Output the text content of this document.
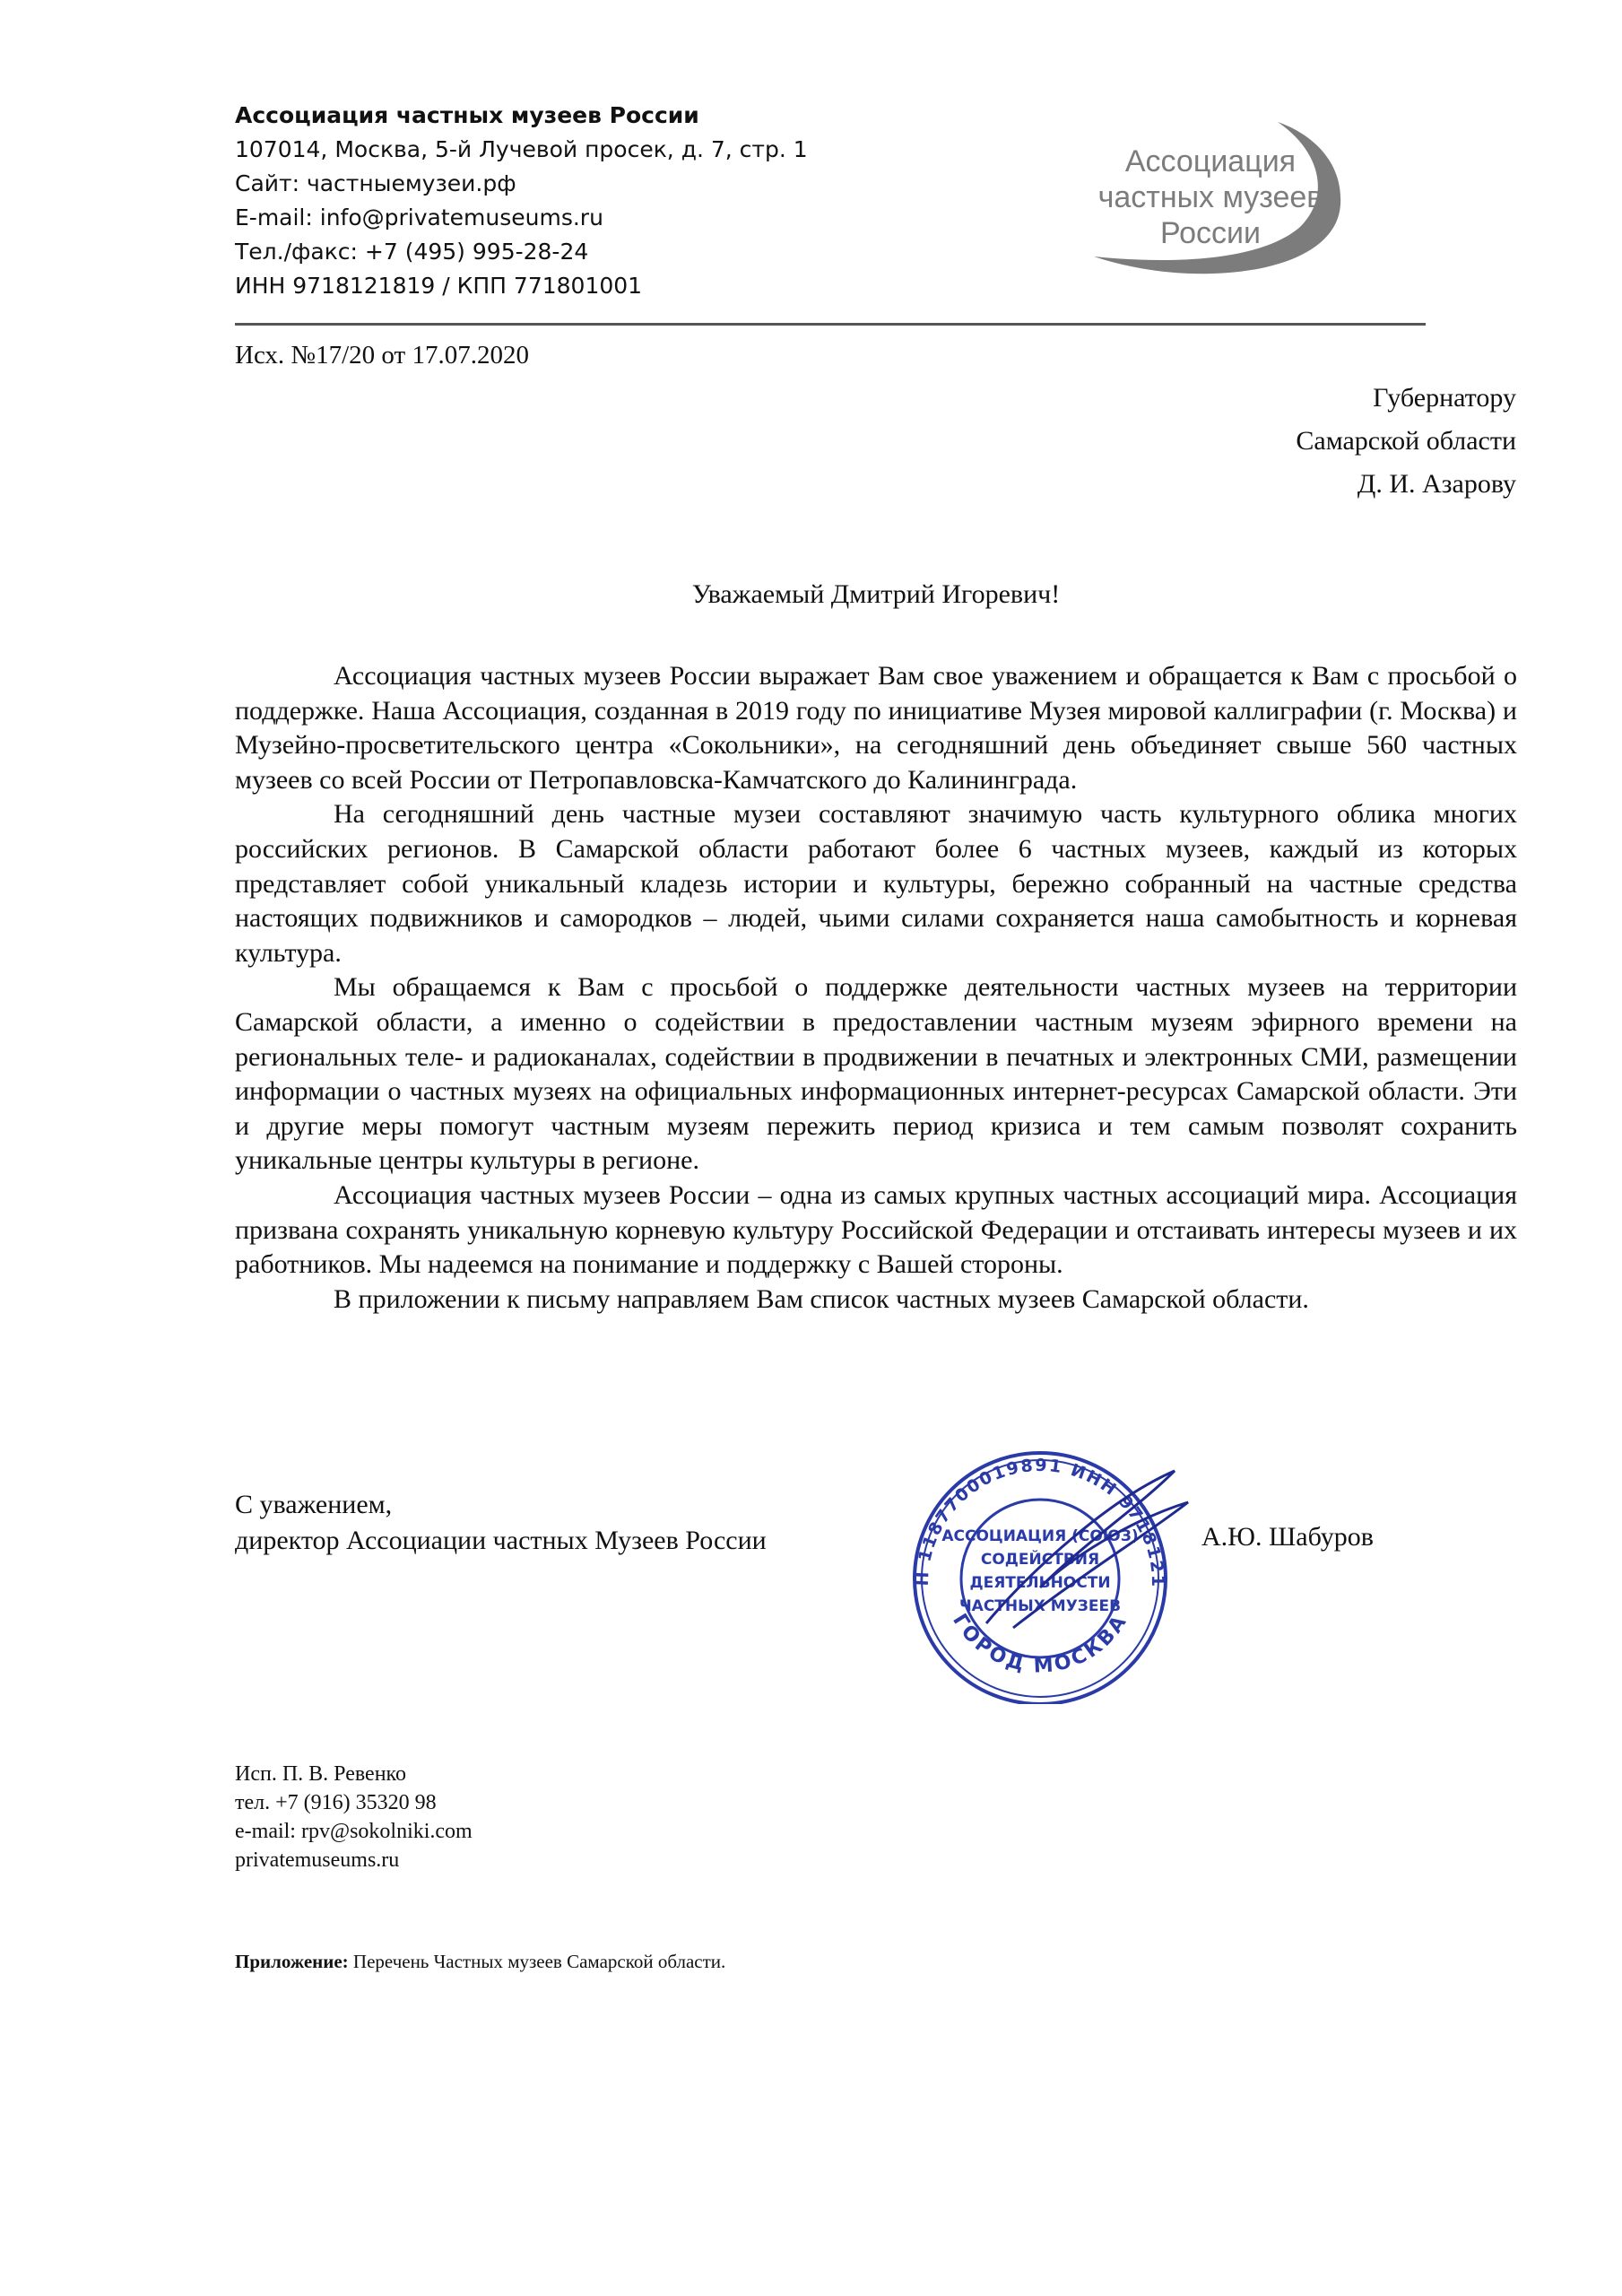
Ассоциация частных музеев России
107014, Москва, 5-й Лучевой просек, д. 7, стр. 1
Сайт: частныемузеи.рф
E-mail: info@privatemuseums.ru
Тел./факс: +7 (495) 995-28-24
ИНН 9718121819 / КПП 771801001
Ассоциация
частных музеев
России
Исх. №17/20 от 17.07.2020
Губернатору
Самарской области
Д. И. Азарову
Уважаемый Дмитрий Игоревич!

Ассоциация частных музеев России выражает Вам свое уважением и обращается к Вам с просьбой о поддержке. Наша Ассоциация, созданная в 2019 году по инициативе Музея мировой каллиграфии (г. Москва) и Музейно-просветительского центра «Сокольники», на сегодняшний день объединяет свыше 560 частных музеев со всей России от Петропавловска-Камчатского до Калининграда.

На сегодняшний день частные музеи составляют значимую часть культурного облика многих российских регионов. В Самарской области работают более 6 частных музеев, каждый из которых представляет собой уникальный кладезь истории и культуры, бережно собранный на частные средства настоящих подвижников и самородков – людей, чьими силами сохраняется наша самобытность и корневая культура.

Мы обращаемся к Вам с просьбой о поддержке деятельности частных музеев на территории Самарской области, а именно о содействии в предоставлении частным музеям эфирного времени на региональных теле- и радиоканалах, содействии в продвижении в печатных и электронных СМИ, размещении информации о частных музеях на официальных информационных интернет-ресурсах Самарской области. Эти и другие меры помогут частным музеям пережить период кризиса и тем самым позволят сохранить уникальные центры культуры в регионе.

Ассоциация частных музеев России – одна из самых крупных частных ассоциаций мира. Ассоциация призвана сохранять уникальную корневую культуру Российской Федерации и отстаивать интересы музеев и их работников. Мы надеемся на понимание и поддержку с Вашей стороны.

В приложении к письму направляем Вам список частных музеев Самарской области.

Н 1187700019891 ИНН 9718121
ГОРОД МОСКВА
АССОЦИАЦИЯ (СОЮЗ)
СОДЕЙСТВИЯ
ДЕЯТЕЛЬНОСТИ
ЧАСТНЫХ МУЗЕЕВ
С уважением,
директор Ассоциации частных Музеев России	А.Ю. Шабуров
Исп. П. В. Ревенко
тел. +7 (916) 35320 98
e-mail: rpv@sokolniki.com
privatemuseums.ru
Приложение: Перечень Частных музеев Самарской области.
